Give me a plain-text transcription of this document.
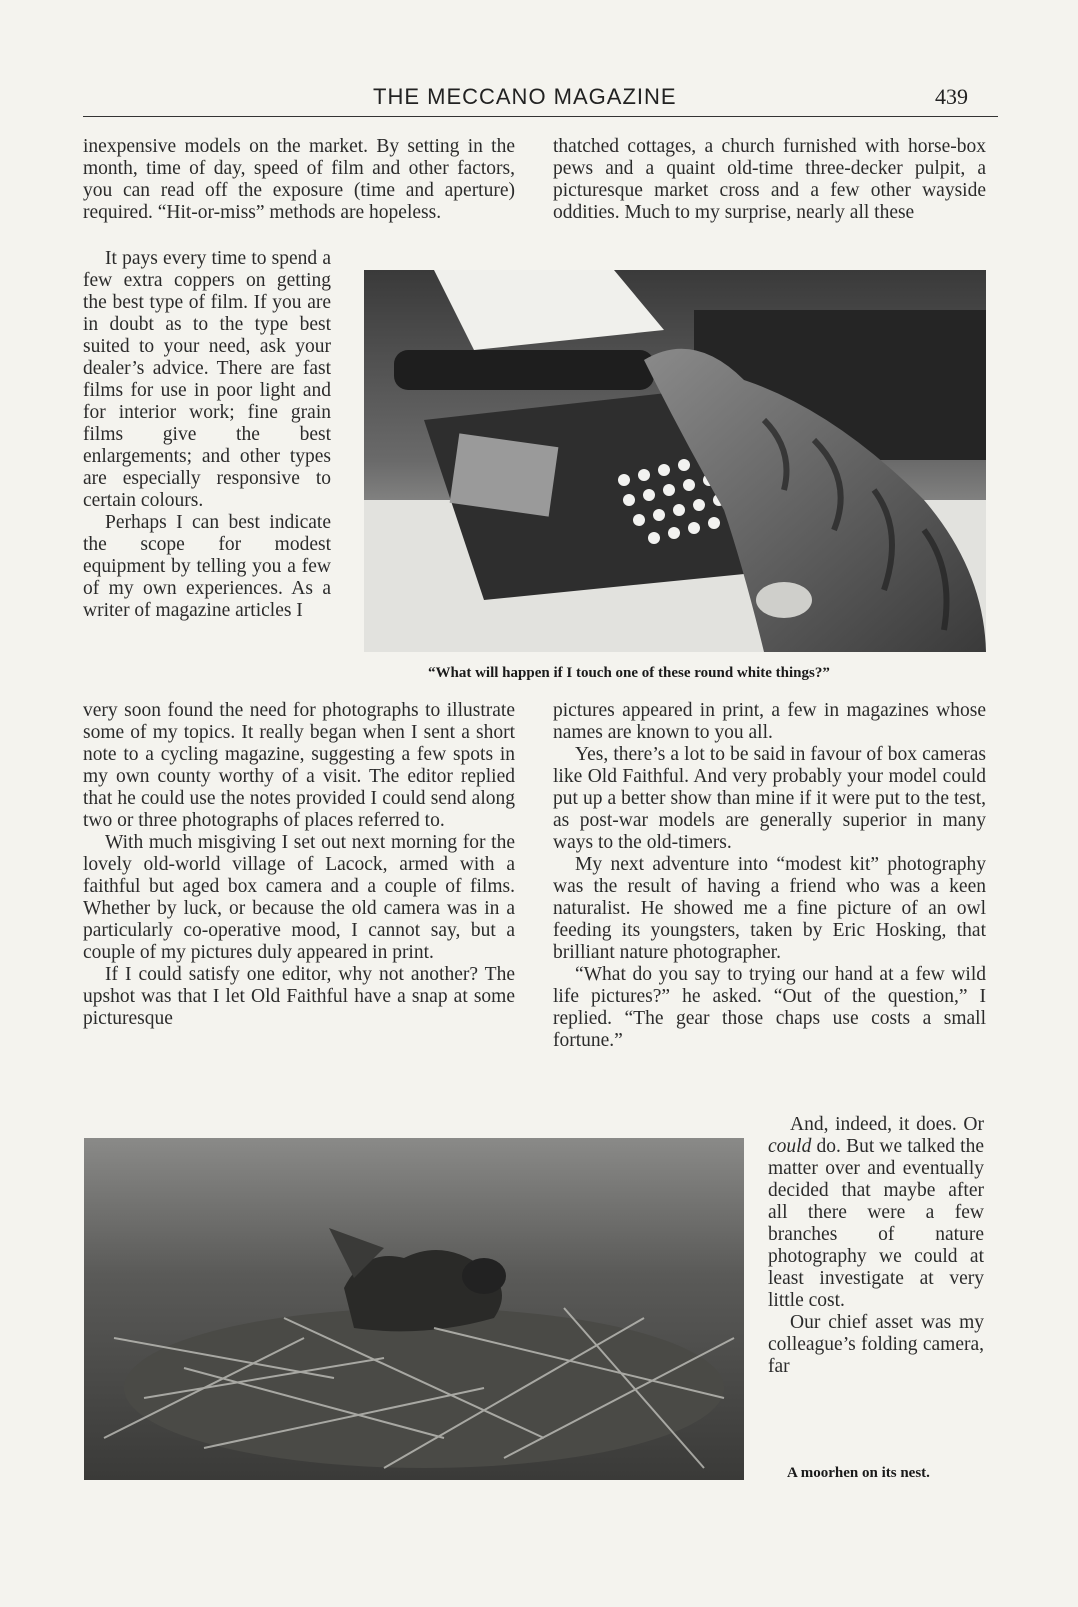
THE MECCANO MAGAZINE	439

inexpensive models on the market. By setting in the month, time of day, speed of film and other factors, you can read off the exposure (time and aperture) required. “Hit-or-miss” methods are hopeless.

It pays every time to spend a few extra coppers on getting the best type of film. If you are in doubt as to the type best suited to your need, ask your dealer’s advice. There are fast films for use in poor light and for interior work; fine grain films give the best enlargements; and other types are especially responsive to certain colours.

Perhaps I can best indicate the scope for modest equipment by telling you a few of my own experiences. As a writer of magazine articles I

thatched cottages, a church furnished with horse-box pews and a quaint old-time three-decker pulpit, a picturesque market cross and a few other wayside oddities. Much to my surprise, nearly all these

“What will happen if I touch one of these round white things?”

very soon found the need for photographs to illustrate some of my topics. It really began when I sent a short note to a cycling magazine, suggesting a few spots in my own county worthy of a visit. The editor replied that he could use the notes provided I could send along two or three photographs of places referred to.

With much misgiving I set out next morning for the lovely old-world village of Lacock, armed with a faithful but aged box camera and a couple of films. Whether by luck, or because the old camera was in a particularly co-operative mood, I cannot say, but a couple of my pictures duly appeared in print.

If I could satisfy one editor, why not another? The upshot was that I let Old Faithful have a snap at some picturesque

pictures appeared in print, a few in magazines whose names are known to you all.

Yes, there’s a lot to be said in favour of box cameras like Old Faithful. And very probably your model could put up a better show than mine if it were put to the test, as post-war models are generally superior in many ways to the old-timers.

My next adventure into “modest kit” photography was the result of having a friend who was a keen naturalist. He showed me a fine picture of an owl feeding its youngsters, taken by Eric Hosking, that brilliant nature photographer.

“What do you say to trying our hand at a few wild life pictures?” he asked. “Out of the question,” I replied. “The gear those chaps use costs a small fortune.”

And, indeed, it does. Or could do. But we talked the matter over and eventually decided that maybe after all there were a few branches of nature photography we could at least investigate at very little cost.

Our chief asset was my colleague’s folding camera, far

A moorhen on its nest.
